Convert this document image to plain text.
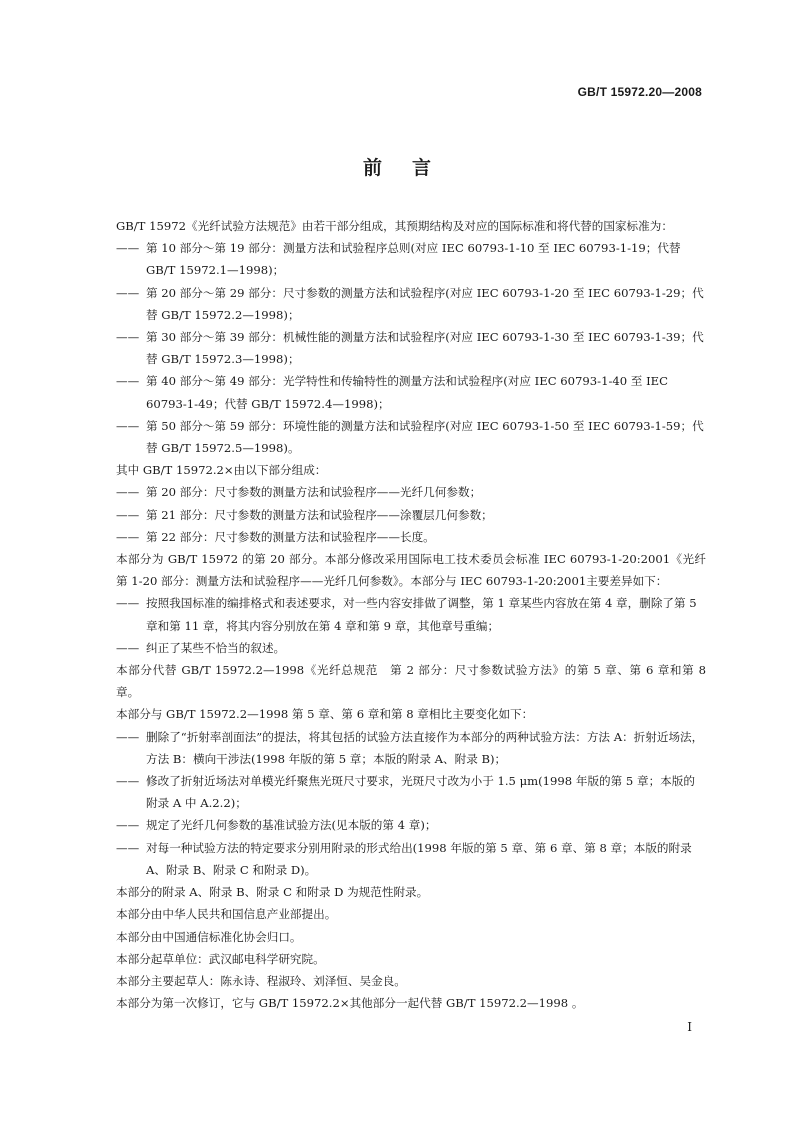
GB/T 15972.20—2008
前言

GB/T 15972《光纤试验方法规范》由若干部分组成，其预期结构及对应的国际标准和将代替的国家标准为：

—— 第 10 部分～第 19 部分：测量方法和试验程序总则(对应 IEC 60793-1-10 至 IEC 60793-1-19；代替 GB/T 15972.1—1998)；
—— 第 20 部分～第 29 部分：尺寸参数的测量方法和试验程序(对应 IEC 60793-1-20 至 IEC 60793-1-29；代替 GB/T 15972.2—1998)；
—— 第 30 部分～第 39 部分：机械性能的测量方法和试验程序(对应 IEC 60793-1-30 至 IEC 60793-1-39；代替 GB/T 15972.3—1998)；
—— 第 40 部分～第 49 部分：光学特性和传输特性的测量方法和试验程序(对应 IEC 60793-1-40 至 IEC 60793-1-49；代替 GB/T 15972.4—1998)；
—— 第 50 部分～第 59 部分：环境性能的测量方法和试验程序(对应 IEC 60793-1-50 至 IEC 60793-1-59；代替 GB/T 15972.5—1998)。

其中 GB/T 15972.2×由以下部分组成：

—— 第 20 部分：尺寸参数的测量方法和试验程序——光纤几何参数；
—— 第 21 部分：尺寸参数的测量方法和试验程序——涂覆层几何参数；
—— 第 22 部分：尺寸参数的测量方法和试验程序——长度。

本部分为 GB/T 15972 的第 20 部分。本部分修改采用国际电工技术委员会标准 IEC 60793-1-20:2001《光纤　第 1-20 部分：测量方法和试验程序——光纤几何参数》。本部分与 IEC 60793-1-20:2001主要差异如下：

—— 按照我国标准的编排格式和表述要求，对一些内容安排做了调整，第 1 章某些内容放在第 4 章，删除了第 5 章和第 11 章，将其内容分别放在第 4 章和第 9 章，其他章号重编；
—— 纠正了某些不恰当的叙述。

本部分代替 GB/T 15972.2—1998《光纤总规范　第 2 部分：尺寸参数试验方法》的第 5 章、第 6 章和第 8 章。

本部分与 GB/T 15972.2—1998 第 5 章、第 6 章和第 8 章相比主要变化如下：

—— 删除了“折射率剖面法”的提法，将其包括的试验方法直接作为本部分的两种试验方法：方法 A：折射近场法，方法 B：横向干涉法(1998 年版的第 5 章；本版的附录 A、附录 B)；
—— 修改了折射近场法对单模光纤聚焦光斑尺寸要求，光斑尺寸改为小于 1.5 μm(1998 年版的第 5 章；本版的附录 A 中 A.2.2)；
—— 规定了光纤几何参数的基准试验方法(见本版的第 4 章)；
—— 对每一种试验方法的特定要求分别用附录的形式给出(1998 年版的第 5 章、第 6 章、第 8 章；本版的附录 A、附录 B、附录 C 和附录 D)。

本部分的附录 A、附录 B、附录 C 和附录 D 为规范性附录。

本部分由中华人民共和国信息产业部提出。

本部分由中国通信标准化协会归口。

本部分起草单位：武汉邮电科学研究院。

本部分主要起草人：陈永诗、程淑玲、刘泽恒、吴金良。

本部分为第一次修订，它与 GB/T 15972.2×其他部分一起代替 GB/T 15972.2—1998 。

I
